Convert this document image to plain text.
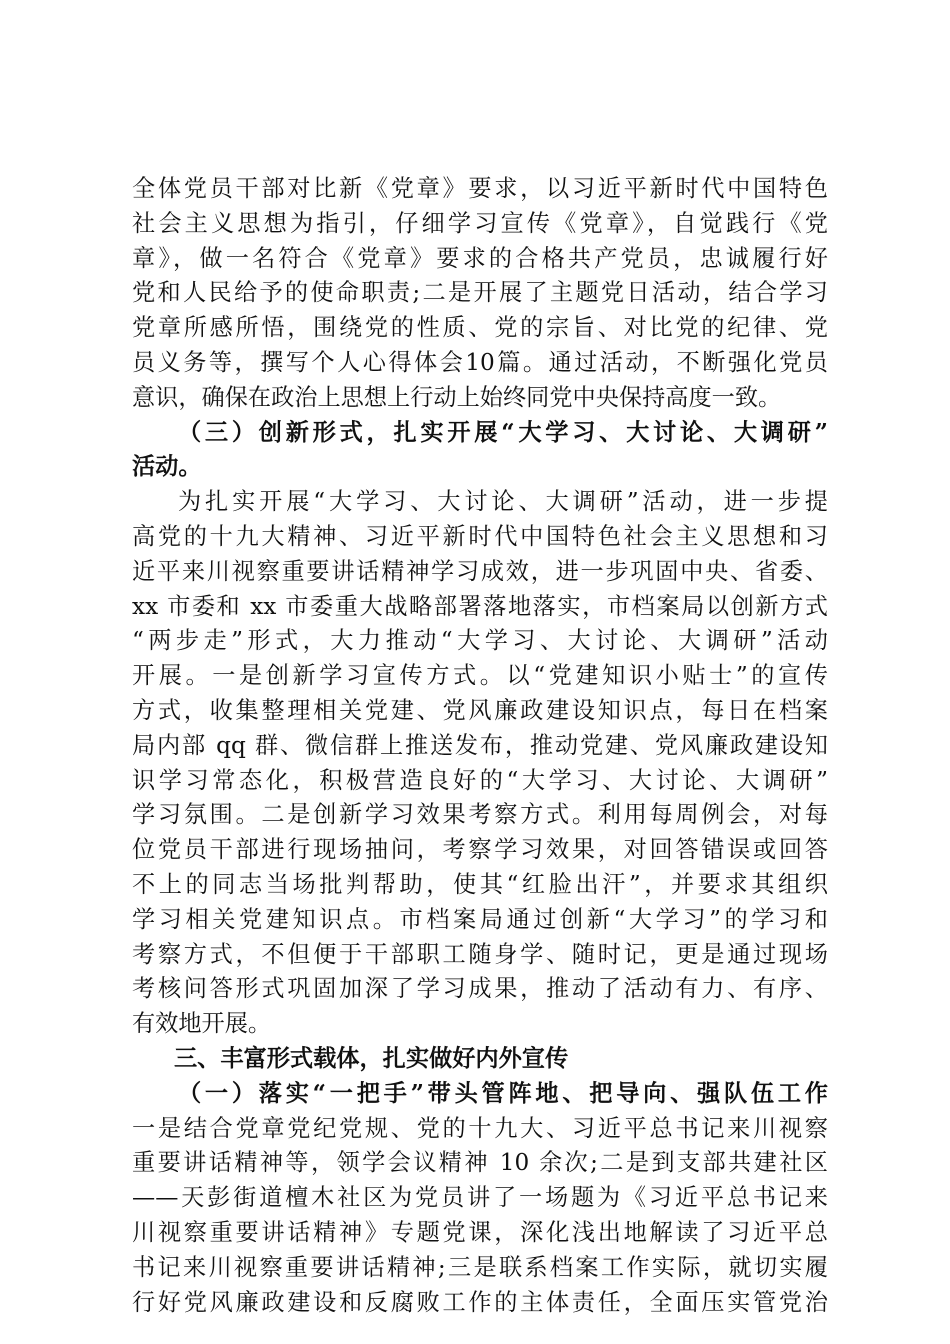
全体党员干部对比新《党章》要求，以习近平新时代中国特色
社会主义思想为指引，仔细学习宣传《党章》，自觉践行《党
章》，做一名符合《党章》要求的合格共产党员，忠诚履行好
党和人民给予的使命职责;二是开展了主题党日活动，结合学习
党章所感所悟，围绕党的性质、党的宗旨、对比党的纪律、党
员义务等，撰写个人心得体会10篇。通过活动，不断强化党员
意识，确保在政治上思想上行动上始终同党中央保持高度一致。
（三）创新形式，扎实开展“大学习、大讨论、大调研”
活动。
为扎实开展“大学习、大讨论、大调研”活动，进一步提
高党的十九大精神、习近平新时代中国特色社会主义思想和习
近平来川视察重要讲话精神学习成效，进一步巩固中央、省委、
xx 市委和 xx 市委重大战略部署落地落实，市档案局以创新方式
“两步走”形式，大力推动“大学习、大讨论、大调研”活动
开展。一是创新学习宣传方式。以“党建知识小贴士”的宣传
方式，收集整理相关党建、党风廉政建设知识点，每日在档案
局内部 qq 群、微信群上推送发布，推动党建、党风廉政建设知
识学习常态化，积极营造良好的“大学习、大讨论、大调研”
学习氛围。二是创新学习效果考察方式。利用每周例会，对每
位党员干部进行现场抽问，考察学习效果，对回答错误或回答
不上的同志当场批判帮助，使其“红脸出汗”，并要求其组织
学习相关党建知识点。市档案局通过创新“大学习”的学习和
考察方式，不但便于干部职工随身学、随时记，更是通过现场
考核问答形式巩固加深了学习成果，推动了活动有力、有序、
有效地开展。
三、丰富形式载体，扎实做好内外宣传
（一）落实“一把手”带头管阵地、把导向、强队伍工作
一是结合党章党纪党规、党的十九大、习近平总书记来川视察
重要讲话精神等，领学会议精神 10 余次;二是到支部共建社区
——天彭街道檀木社区为党员讲了一场题为《习近平总书记来
川视察重要讲话精神》专题党课，深化浅出地解读了习近平总
书记来川视察重要讲话精神;三是联系档案工作实际，就切实履
行好党风廉政建设和反腐败工作的主体责任，全面压实管党治
